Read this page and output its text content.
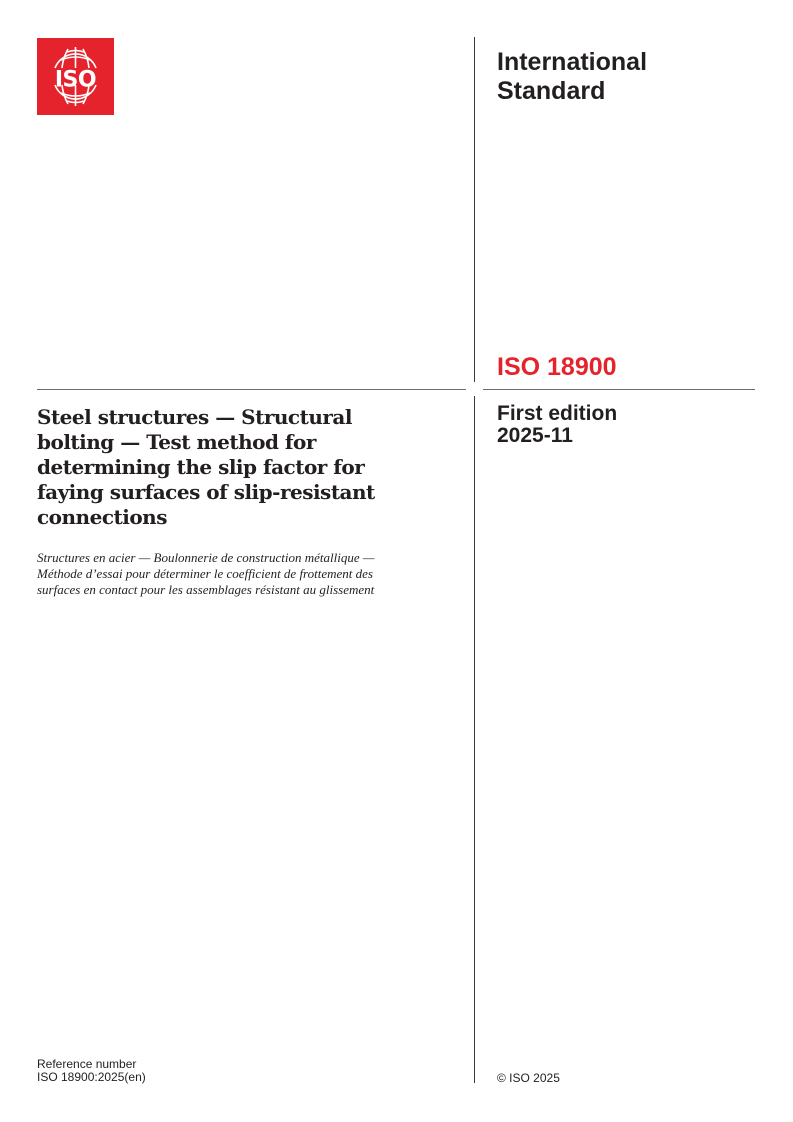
ISO
International
Standard
ISO 18900
First edition
2025-11
Steel structures — Structural
bolting — Test method for
determining the slip factor for
faying surfaces of slip-resistant
connections
Structures en acier — Boulonnerie de construction métallique —
Méthode d’essai pour déterminer le coefficient de frottement des
surfaces en contact pour les assemblages résistant au glissement
Reference number
ISO 18900:2025(en)	© ISO 2025
